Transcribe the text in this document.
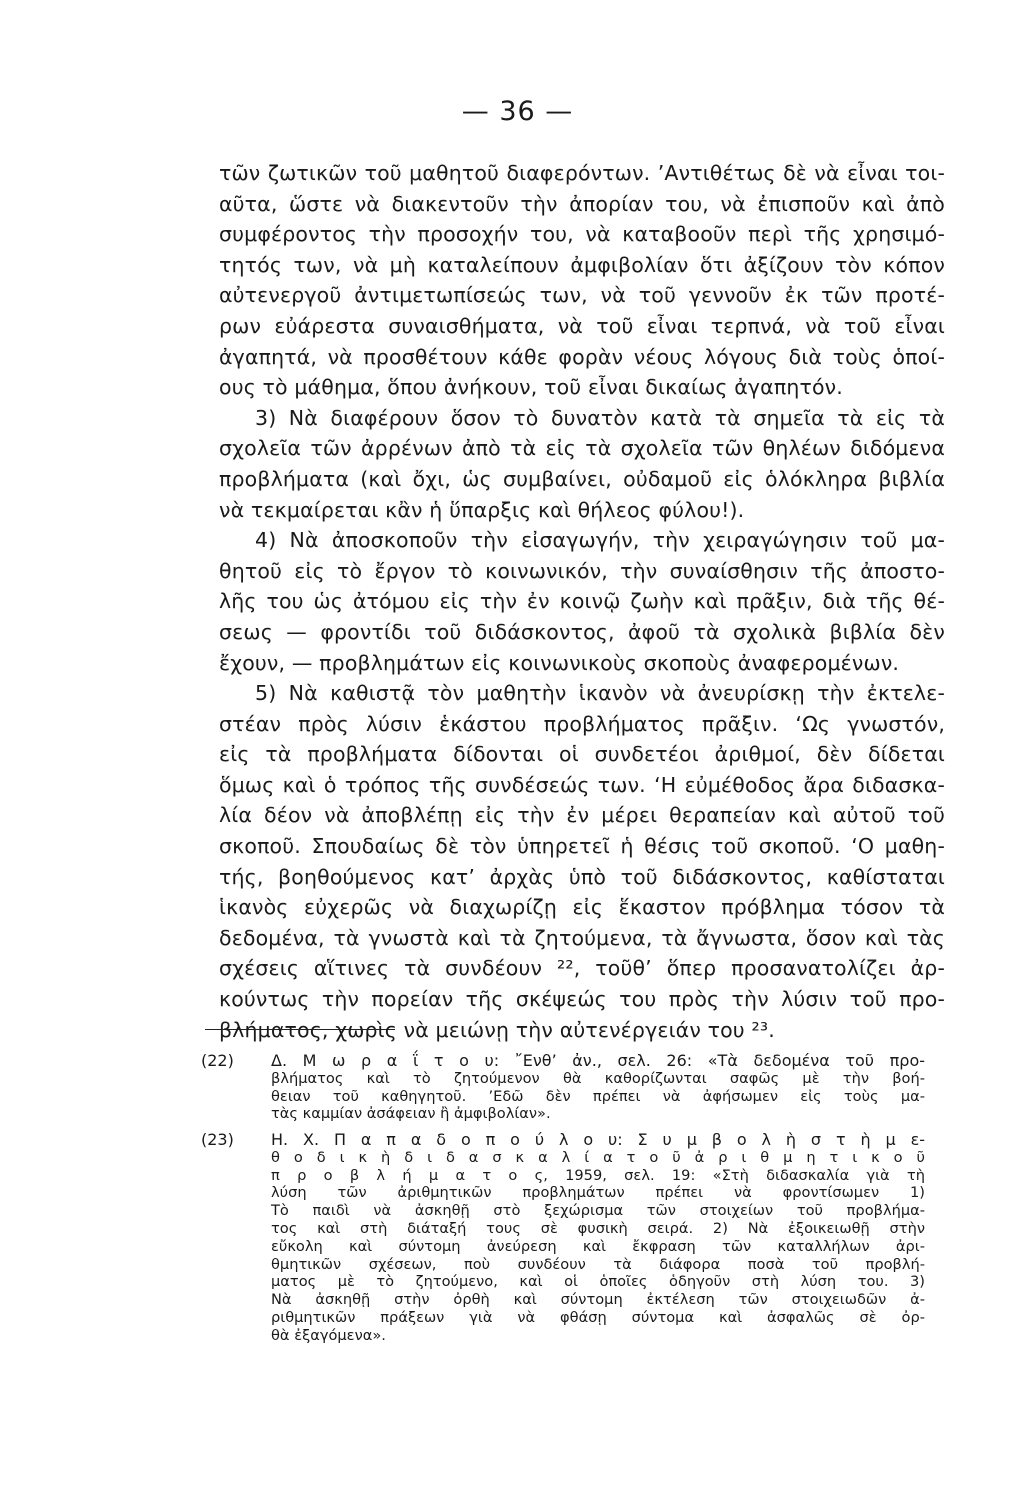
— 36 —
τῶν ζωτικῶν τοῦ μαθητοῦ διαφερόντων. ’Αντιθέτως δὲ νὰ εἶναι τοι-
αῦτα, ὥστε νὰ διακεντοῦν τὴν ἀπορίαν του, νὰ ἐπισποῦν καὶ ἀπὸ
συμφέροντος τὴν προσοχήν του, νὰ καταβοοῦν περὶ τῆς χρησιμό-
τητός των, νὰ μὴ καταλείπουν ἀμφιβολίαν ὅτι ἀξίζουν τὸν κόπον
αὐτενεργοῦ ἀντιμετωπίσεώς των, νὰ τοῦ γεννοῦν ἐκ τῶν προτέ-
ρων εὐάρεστα συναισθήματα, νὰ τοῦ εἶναι τερπνά, νὰ τοῦ εἶναι
ἀγαπητά, νὰ προσθέτουν κάθε φορὰν νέους λόγους διὰ τοὺς ὁποί-
ους τὸ μάθημα, ὅπου ἀνήκουν, τοῦ εἶναι δικαίως ἀγαπητόν.
3) Νὰ διαφέρουν ὅσον τὸ δυνατὸν κατὰ τὰ σημεῖα τὰ εἰς τὰ
σχολεῖα τῶν ἀρρένων ἀπὸ τὰ εἰς τὰ σχολεῖα τῶν θηλέων διδόμενα
προβλήματα (καὶ ὄχι, ὡς συμβαίνει, οὐδαμοῦ εἰς ὁλόκληρα βιβλία
νὰ τεκμαίρεται κἂν ἡ ὕπαρξις καὶ θήλεος φύλου!).
4) Νὰ ἀποσκοποῦν τὴν εἰσαγωγήν, τὴν χειραγώγησιν τοῦ μα-
θητοῦ εἰς τὸ ἔργον τὸ κοινωνικόν, τὴν συναίσθησιν τῆς ἀποστο-
λῆς του ὡς ἀτόμου εἰς τὴν ἐν κοινῷ ζωὴν καὶ πρᾶξιν, διὰ τῆς θέ-
σεως — φροντίδι τοῦ διδάσκοντος, ἀφοῦ τὰ σχολικὰ βιβλία δὲν
ἔχουν, — προβλημάτων εἰς κοινωνικοὺς σκοποὺς ἀναφερομένων.
5) Νὰ καθιστᾷ τὸν μαθητὴν ἱκανὸν νὰ ἀνευρίσκῃ τὴν ἐκτελε-
στέαν πρὸς λύσιν ἑκάστου προβλήματος πρᾶξιν. ‘Ως γνωστόν,
εἰς τὰ προβλήματα δίδονται οἱ συνδετέοι ἀριθμοί, δὲν δίδεται
ὅμως καὶ ὁ τρόπος τῆς συνδέσεώς των. ‘Η εὐμέθοδος ἄρα διδασκα-
λία δέον νὰ ἀποβλέπῃ εἰς τὴν ἐν μέρει θεραπείαν καὶ αὐτοῦ τοῦ
σκοποῦ. Σπουδαίως δὲ τὸν ὑπηρετεῖ ἡ θέσις τοῦ σκοποῦ. ‘Ο μαθη-
τής, βοηθούμενος κατ’ ἀρχὰς ὑπὸ τοῦ διδάσκοντος, καθίσταται
ἱκανὸς εὐχερῶς νὰ διαχωρίζῃ εἰς ἕκαστον πρόβλημα τόσον τὰ
δεδομένα, τὰ γνωστὰ καὶ τὰ ζητούμενα, τὰ ἄγνωστα, ὅσον καὶ τὰς
σχέσεις αἵτινες τὰ συνδέουν ²², τοῦθ’ ὅπερ προσανατολίζει ἀρ-
κούντως τὴν πορείαν τῆς σκέψεώς του πρὸς τὴν λύσιν τοῦ προ-
βλήματος, χωρὶς νὰ μειώνῃ τὴν αὐτενέργειάν του ²³.
(22) Δ. Μ ω ρ α ΐ τ ο υ: ῎Ενθ’ ἀν., σελ. 26: «Τὰ δεδομένα τοῦ προ-
βλήματος καὶ τὸ ζητούμενον θὰ καθορίζωνται σαφῶς μὲ τὴν βοή-
θειαν τοῦ καθηγητοῦ. ’Εδῶ δὲν πρέπει νὰ ἀφήσωμεν εἰς τοὺς μα-
τὰς καμμίαν ἀσάφειαν ἢ ἀμφιβολίαν».
(23) Η. Χ. Π α π α δ ο π ο ύ λ ο υ: Σ υ μ β ο λ ὴ σ τ ὴ μ ε-
θ ο δ ι κ ὴ δ ι δ α σ κ α λ ί α τ ο ῦ ἀ ρ ι θ μ η τ ι κ ο ῦ
π ρ ο β λ ή μ α τ ο ς, 1959, σελ. 19: «Στὴ διδασκαλία γιὰ τὴ
λύση τῶν ἀριθμητικῶν προβλημάτων πρέπει νὰ φροντίσωμεν 1)
Τὸ παιδὶ νὰ ἀσκηθῇ στὸ ξεχώρισμα τῶν στοιχείων τοῦ προβλήμα-
τος καὶ στὴ διάταξή τους σὲ φυσικὴ σειρά. 2) Νὰ ἐξοικειωθῇ στὴν
εὔκολη καὶ σύντομη ἀνεύρεση καὶ ἔκφραση τῶν καταλλήλων ἀρι-
θμητικῶν σχέσεων, ποὺ συνδέουν τὰ διάφορα ποσὰ τοῦ προβλή-
ματος μὲ τὸ ζητούμενο, καὶ οἱ ὁποῖες ὁδηγοῦν στὴ λύση του. 3)
Νὰ ἀσκηθῇ στὴν ὀρθὴ καὶ σύντομη ἐκτέλεση τῶν στοιχειωδῶν ἀ-
ριθμητικῶν πράξεων γιὰ νὰ φθάσῃ σύντομα καὶ ἀσφαλῶς σὲ ὀρ-
θὰ ἐξαγόμενα».
